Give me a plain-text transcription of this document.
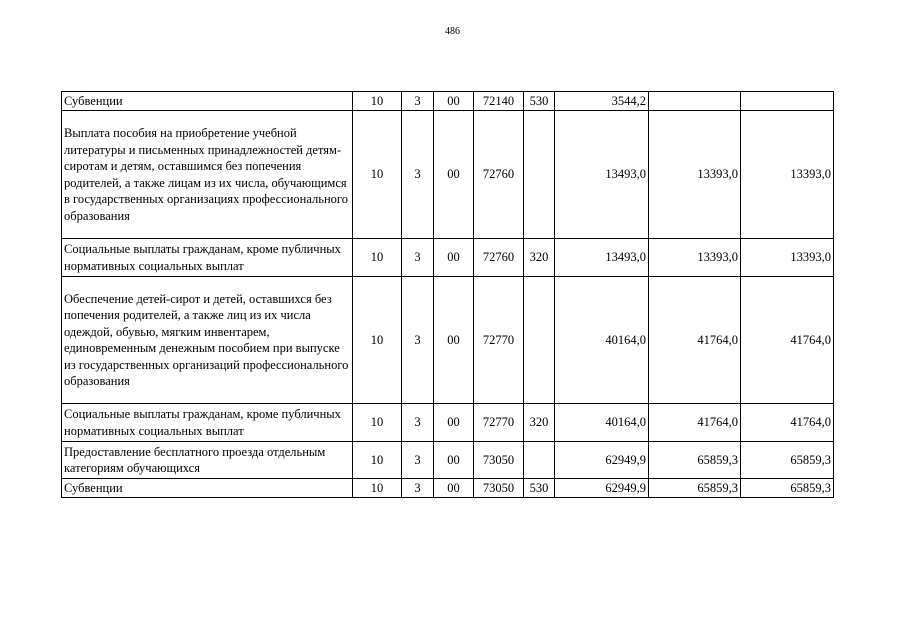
486
Субвенции	10	3	00	72140	530	3544,2		
Выплата пособия на приобретение учебной литературы и письменных принадлежностей детям-сиротам и детям, оставшимся без попечения родителей, а также лицам из их числа, обучающимся в государственных организациях профессионального образования	10	3	00	72760		13493,0	13393,0	13393,0
Социальные выплаты гражданам, кроме публичных нормативных социальных выплат	10	3	00	72760	320	13493,0	13393,0	13393,0
Обеспечение детей-сирот и детей, оставшихся без попечения родителей, а также лиц из их числа одеждой, обувью, мягким инвентарем, единовременным денежным пособием при выпуске из государственных организаций профессионального образования	10	3	00	72770		40164,0	41764,0	41764,0
Социальные выплаты гражданам, кроме публичных нормативных социальных выплат	10	3	00	72770	320	40164,0	41764,0	41764,0
Предоставление бесплатного проезда отдельным категориям обучающихся	10	3	00	73050		62949,9	65859,3	65859,3
Субвенции	10	3	00	73050	530	62949,9	65859,3	65859,3
